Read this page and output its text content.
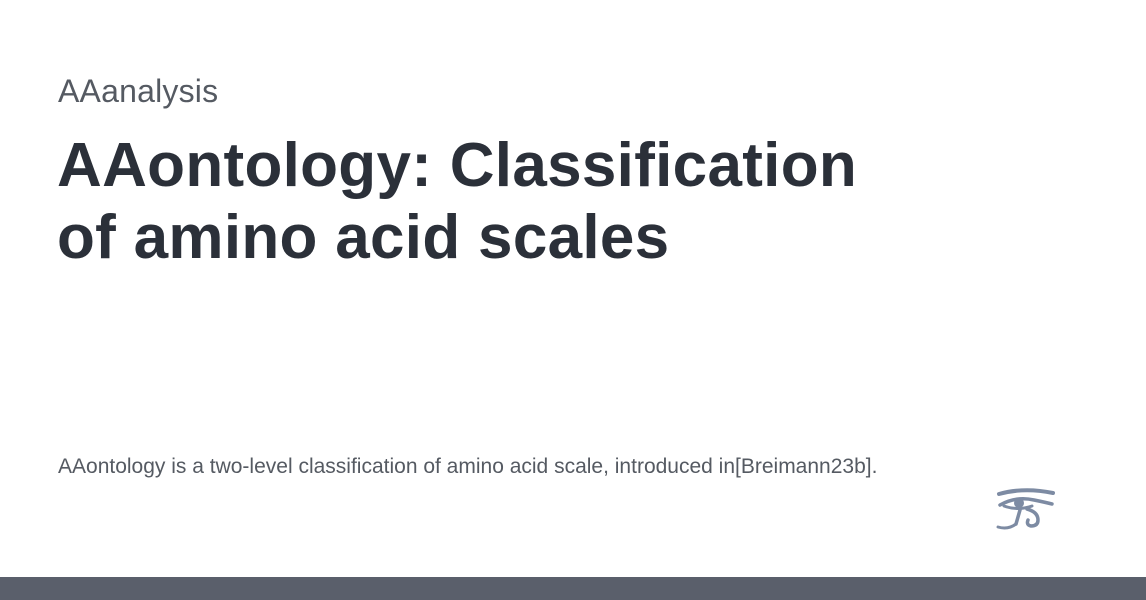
AAanalysis
AAontology: Classification
of amino acid scales
AAontology is a two-level classification of amino acid scale, introduced in[Breimann23b].
